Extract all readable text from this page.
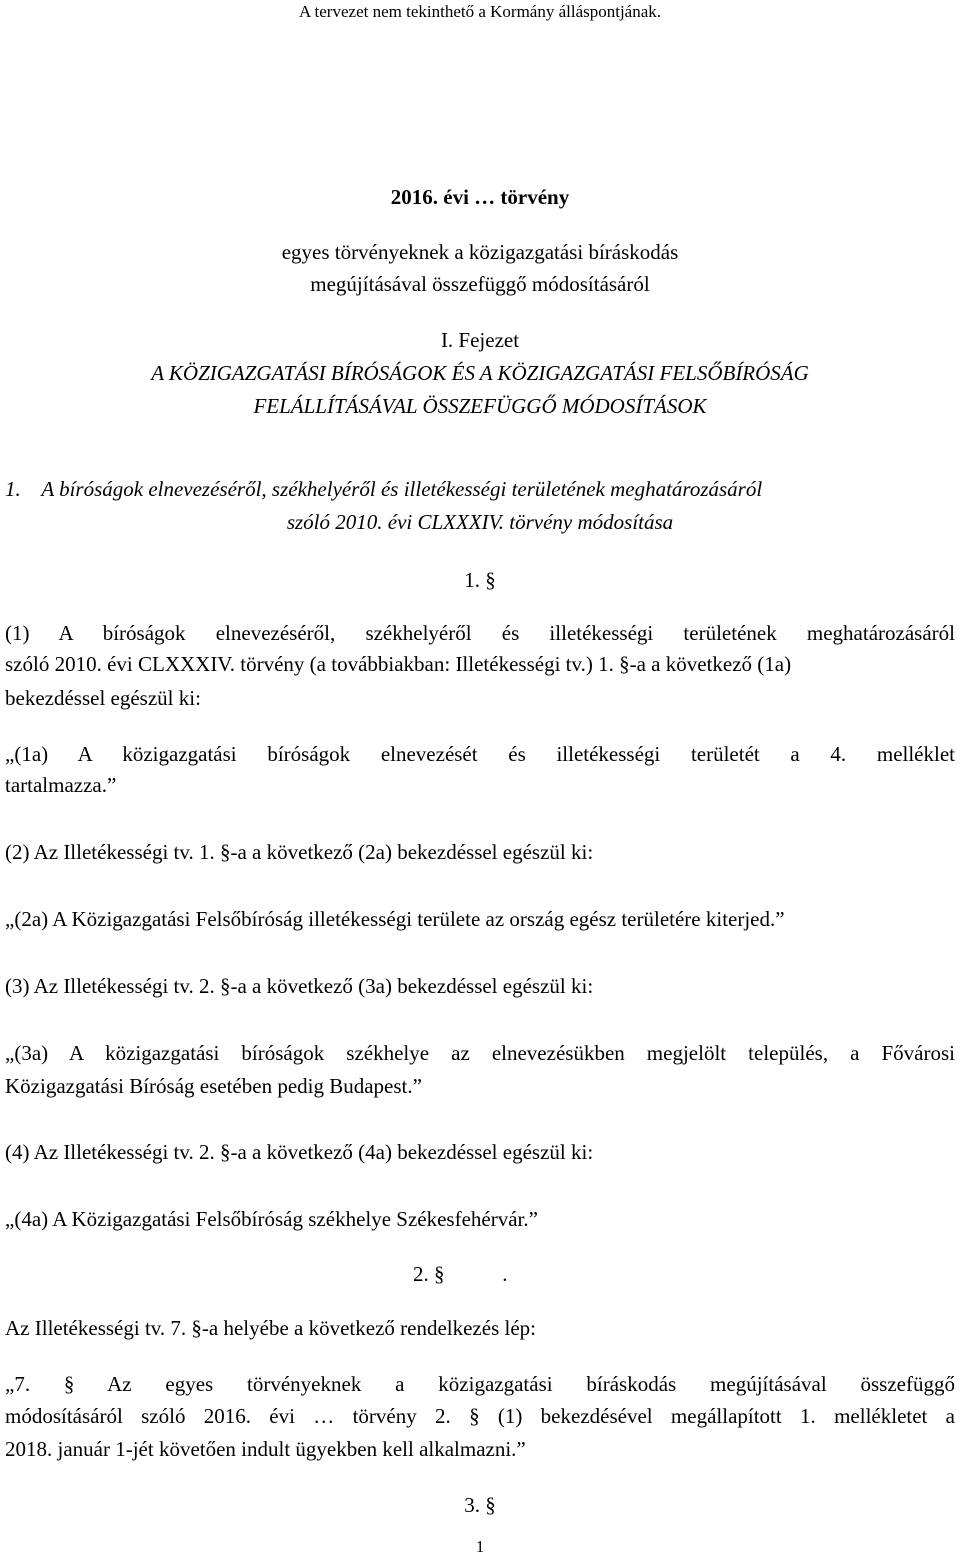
A tervezet nem tekinthető a Kormány álláspontjának.
2016. évi … törvény
egyes törvényeknek a közigazgatási bíráskodás
megújításával összefüggő módosításáról
I. Fejezet
A KÖZIGAZGATÁSI BÍRÓSÁGOK ÉS A KÖZIGAZGATÁSI FELSŐBÍRÓSÁG
FELÁLLÍTÁSÁVAL ÖSSZEFÜGGŐ MÓDOSÍTÁSOK
1.    A bíróságok elnevezéséről, székhelyéről és illetékességi területének meghatározásáról
szóló 2010. évi CLXXXIV. törvény módosítása
1. §
(1) A bíróságok elnevezéséről, székhelyéről és illetékességi területének meghatározásáról
szóló 2010. évi CLXXXIV. törvény (a továbbiakban: Illetékességi tv.) 1. §-a a következő (1a)
bekezdéssel egészül ki:
„(1a) A közigazgatási bíróságok elnevezését és illetékességi területét a 4. melléklet
tartalmazza.”
(2) Az Illetékességi tv. 1. §-a a következő (2a) bekezdéssel egészül ki:
„(2a) A Közigazgatási Felsőbíróság illetékességi területe az ország egész területére kiterjed.”
(3) Az Illetékességi tv. 2. §-a a következő (3a) bekezdéssel egészül ki:
„(3a) A közigazgatási bíróságok székhelye az elnevezésükben megjelölt település, a Fővárosi
Közigazgatási Bíróság esetében pedig Budapest.”
(4) Az Illetékességi tv. 2. §-a a következő (4a) bekezdéssel egészül ki:
„(4a) A Közigazgatási Felsőbíróság székhelye Székesfehérvár.”
2. §           .
Az Illetékességi tv. 7. §-a helyébe a következő rendelkezés lép:
„7. § Az egyes törvényeknek a közigazgatási bíráskodás megújításával összefüggő
módosításáról szóló 2016. évi … törvény 2. § (1) bekezdésével megállapított 1. mellékletet a
2018. január 1-jét követően indult ügyekben kell alkalmazni.”
3. §
1
